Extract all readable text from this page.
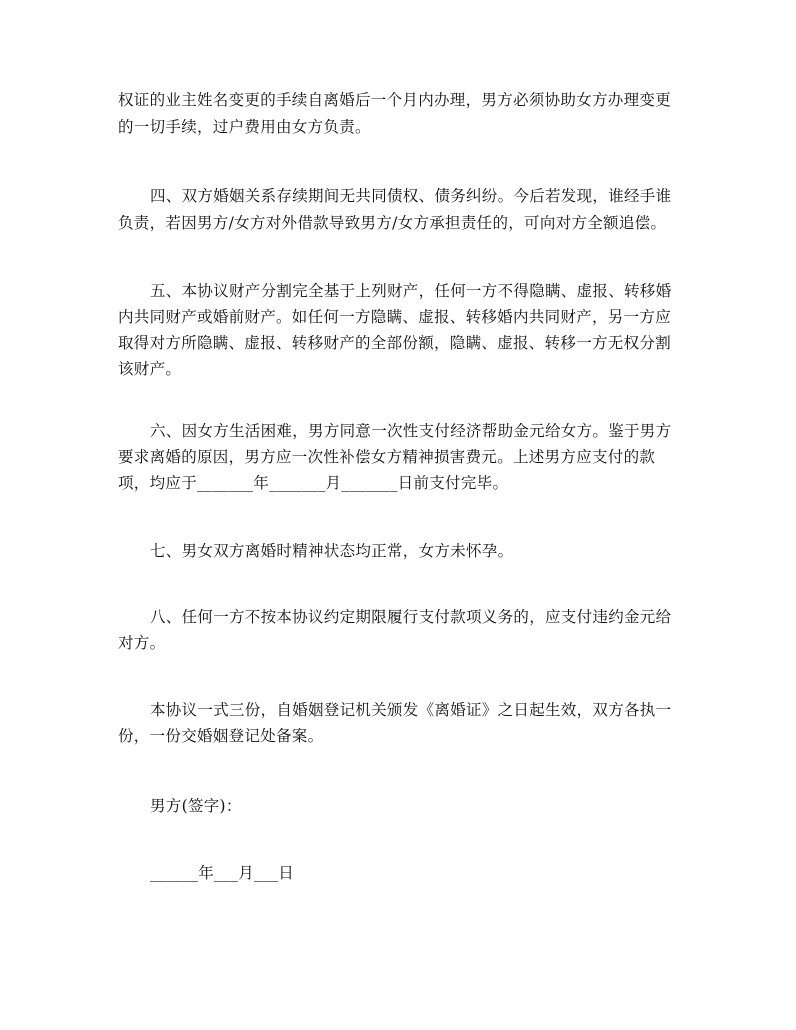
权证的业主姓名变更的手续自离婚后一个月内办理，男方必须协助女方办理变更
的一切手续，过户费用由女方负责。
四、双方婚姻关系存续期间无共同债权、债务纠纷。今后若发现，谁经手谁
负责，若因男方/女方对外借款导致男方/女方承担责任的，可向对方全额追偿。
五、本协议财产分割完全基于上列财产，任何一方不得隐瞒、虚报、转移婚
内共同财产或婚前财产。如任何一方隐瞒、虚报、转移婚内共同财产，另一方应
取得对方所隐瞒、虚报、转移财产的全部份额，隐瞒、虚报、转移一方无权分割
该财产。
六、因女方生活困难，男方同意一次性支付经济帮助金元给女方。鉴于男方
要求离婚的原因，男方应一次性补偿女方精神损害费元。上述男方应支付的款
项，均应于_______年_______月_______日前支付完毕。
七、男女双方离婚时精神状态均正常，女方未怀孕。
八、任何一方不按本协议约定期限履行支付款项义务的，应支付违约金元给
对方。
本协议一式三份，自婚姻登记机关颁发《离婚证》之日起生效，双方各执一
份，一份交婚姻登记处备案。
男方(签字)：
______年___月___日
